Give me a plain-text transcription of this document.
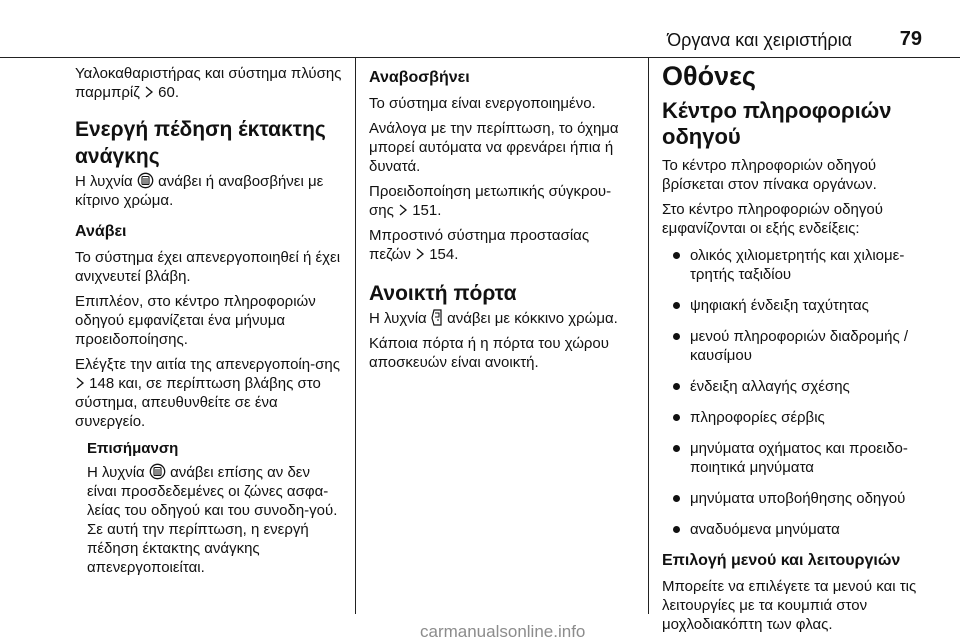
Όργανα και χειριστήρια 79

Υαλοκαθαριστήρας και σύστημα πλύσης παρμπρίζ 60.

Ενεργή πέδηση έκτακτης ανάγκης

Η λυχνία ανάβει ή αναβοσβήνει με κίτρινο χρώμα.

Ανάβει

Το σύστημα έχει απενεργοποιηθεί ή έχει ανιχνευτεί βλάβη.

Επιπλέον, στο κέντρο πληροφοριών οδηγού εμφανίζεται ένα μήνυμα προειδοποίησης.

Ελέγξτε την αιτία της απενεργοποίη-σης  148 και, σε περίπτωση βλάβης στο σύστημα, απευθυνθείτε σε ένα συνεργείο.

Επισήμανση

Η λυχνία ανάβει επίσης αν δεν είναι προσδεδεμένες οι ζώνες ασφα-λείας του οδηγού και του συνοδη-γού. Σε αυτή την περίπτωση, η ενεργή πέδηση έκτακτης ανάγκης απενεργοποιείται.

Αναβοσβήνει

Το σύστημα είναι ενεργοποιημένο.

Ανάλογα με την περίπτωση, το όχημα μπορεί αυτόματα να φρενάρει ήπια ή δυνατά.

Προειδοποίηση μετωπικής σύγκρου-σης 151.

Μπροστινό σύστημα προστασίας πεζών 154.

Ανοικτή πόρτα

Η λυχνία ανάβει με κόκκινο χρώμα.

Κάποια πόρτα ή η πόρτα του χώρου αποσκευών είναι ανοικτή.

Οθόνες
Κέντρο πληροφοριών οδηγού

Το κέντρο πληροφοριών οδηγού βρίσκεται στον πίνακα οργάνων.

Στο κέντρο πληροφοριών οδηγού εμφανίζονται οι εξής ενδείξεις:

ολικός χιλιομετρητής και χιλιομε-τρητής ταξιδίου
ψηφιακή ένδειξη ταχύτητας
μενού πληροφοριών διαδρομής / καυσίμου
ένδειξη αλλαγής σχέσης
πληροφορίες σέρβις
μηνύματα οχήματος και προειδο-ποιητικά μηνύματα
μηνύματα υποβοήθησης οδηγού
αναδυόμενα μηνύματα
Επιλογή μενού και λειτουργιών

Μπορείτε να επιλέγετε τα μενού και τις λειτουργίες με τα κουμπιά στον μοχλοδιακόπτη των φλας.

carmanualsonline.info
